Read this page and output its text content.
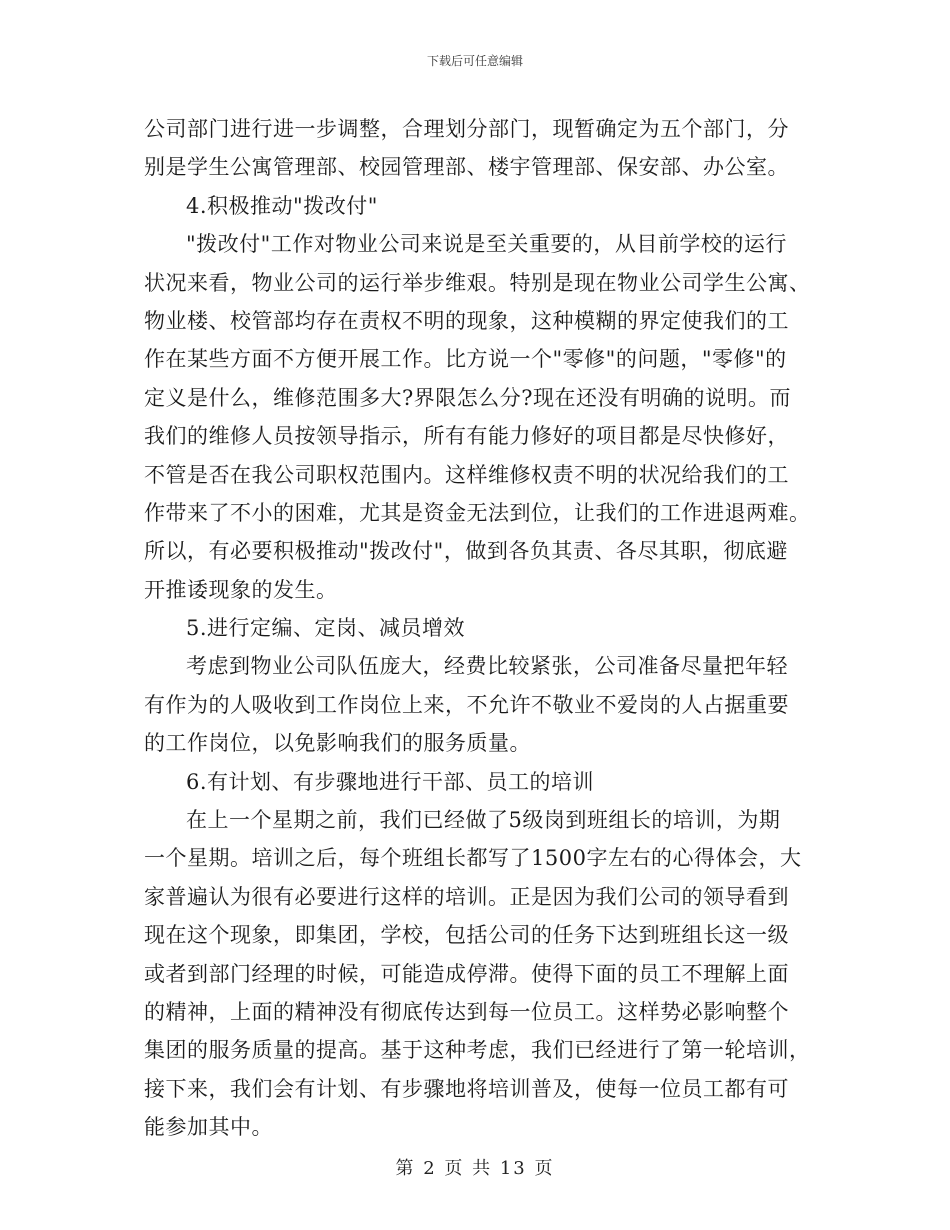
下载后可任意编辑
公司部门进行进一步调整，合理划分部门，现暂确定为五个部门，分
别是学生公寓管理部、校园管理部、楼宇管理部、保安部、办公室。
4.积极推动"拨改付"
"拨改付"工作对物业公司来说是至关重要的，从目前学校的运行
状况来看，物业公司的运行举步维艰。特别是现在物业公司学生公寓、
物业楼、校管部均存在责权不明的现象，这种模糊的界定使我们的工
作在某些方面不方便开展工作。比方说一个"零修"的问题，"零修"的
定义是什么，维修范围多大?界限怎么分?现在还没有明确的说明。而
我们的维修人员按领导指示，所有有能力修好的项目都是尽快修好，
不管是否在我公司职权范围内。这样维修权责不明的状况给我们的工
作带来了不小的困难，尤其是资金无法到位，让我们的工作进退两难。
所以，有必要积极推动"拨改付"，做到各负其责、各尽其职，彻底避
开推诿现象的发生。
5.进行定编、定岗、减员增效
考虑到物业公司队伍庞大，经费比较紧张，公司准备尽量把年轻
有作为的人吸收到工作岗位上来，不允许不敬业不爱岗的人占据重要
的工作岗位，以免影响我们的服务质量。
6.有计划、有步骤地进行干部、员工的培训
在上一个星期之前，我们已经做了5级岗到班组长的培训，为期
一个星期。培训之后，每个班组长都写了1500字左右的心得体会，大
家普遍认为很有必要进行这样的培训。正是因为我们公司的领导看到
现在这个现象，即集团，学校，包括公司的任务下达到班组长这一级
或者到部门经理的时候，可能造成停滞。使得下面的员工不理解上面
的精神，上面的精神没有彻底传达到每一位员工。这样势必影响整个
集团的服务质量的提高。基于这种考虑，我们已经进行了第一轮培训，
接下来，我们会有计划、有步骤地将培训普及，使每一位员工都有可
能参加其中。
第 2 页 共 13 页
